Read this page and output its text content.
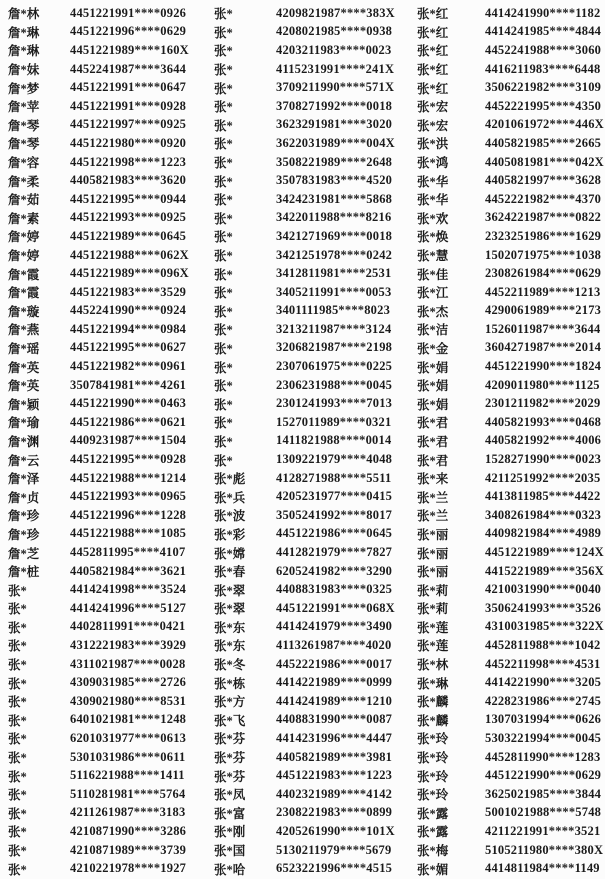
詹*林	4451221991****0926
詹*琳	4451221996****0629
詹*琳	4451221989****160X
詹*妹	4452241987****3644
詹*梦	4451221991****0647
詹*苹	4451221991****0928
詹*琴	4451221997****0925
詹*琴	4451221980****0920
詹*容	4451221998****1223
詹*柔	4405821983****3620
詹*茹	4451221995****0944
詹*素	4451221993****0925
詹*婷	4451221989****0645
詹*婷	4451221988****062X
詹*霞	4451221989****096X
詹*霞	4451221983****3529
詹*璇	4452241990****0924
詹*燕	4451221994****0984
詹*瑶	4451221995****0627
詹*英	4451221982****0961
詹*英	3507841981****4261
詹*颖	4451221990****0463
詹*瑜	4451221986****0621
詹*渊	4409231987****1504
詹*云	4451221995****0928
詹*泽	4451221988****1214
詹*贞	4451221993****0965
詹*珍	4451221996****1228
詹*珍	4451221988****1085
詹*芝	4452811995****4107
詹*桩	4405821984****3621
张*	4414241998****3524
张*	4414241996****5127
张*	4402811991****0421
张*	4312221983****3929
张*	4311021987****0028
张*	4309031985****2726
张*	4309021980****8531
张*	6401021981****1248
张*	6201031977****0613
张*	5301031986****0611
张*	5116221988****1411
张*	5110281981****5764
张*	4211261987****3183
张*	4210871990****3286
张*	4210871989****3739
张*	4210221978****1927
张*	4209821987****383X
张*	4208021985****0938
张*	4203211983****0023
张*	4115231991****241X
张*	3709211990****571X
张*	3708271992****0018
张*	3623291981****3020
张*	3622031989****004X
张*	3508221989****2648
张*	3507831983****4520
张*	3424231981****5868
张*	3422011988****8216
张*	3421271969****0018
张*	3421251978****0242
张*	3412811981****2531
张*	3405211991****0053
张*	3401111985****8023
张*	3213211987****3124
张*	3206821987****2198
张*	2307061975****0225
张*	2306231988****0045
张*	2301241993****7013
张*	1527011989****0321
张*	1411821988****0014
张*	1309221979****4048
张*彪	4128271988****5511
张*兵	4205231977****0415
张*波	3505241992****8017
张*彩	4451221986****0645
张*嫦	4412821979****7827
张*春	6205241982****3290
张*翠	4408831983****0325
张*翠	4451221991****068X
张*东	4414241979****3490
张*东	4113261987****4020
张*冬	4452221986****0017
张*栋	4414221989****0999
张*方	4414241989****1210
张*飞	4408831990****0087
张*芬	4414231996****4447
张*芬	4405821989****3981
张*芬	4451221983****1223
张*凤	4402321989****4142
张*富	2308221983****0899
张*刚	4205261990****101X
张*国	5130211979****5679
张*哈	6523221996****4515
张*红	4414241990****1182
张*红	4414241985****4844
张*红	4452241988****3060
张*红	4416211983****6448
张*红	3506221982****3109
张*宏	4452221995****4350
张*宏	4201061972****446X
张*洪	4405821985****2665
张*鸿	4405081981****042X
张*华	4405821997****3628
张*华	4452221982****4370
张*欢	3624221987****0822
张*焕	2323251986****1629
张*慧	1502071975****1038
张*佳	2308261984****0629
张*江	4452211989****1213
张*杰	4290061989****2173
张*洁	1526011987****3644
张*金	3604271987****2014
张*娟	4451221990****1824
张*娟	4209011980****1125
张*娟	2301211982****2029
张*君	4405821993****0468
张*君	4405821992****4006
张*君	1528271990****0023
张*来	4211251992****2035
张*兰	4413811985****4422
张*兰	3408261984****0323
张*丽	4409821984****4989
张*丽	4451221989****124X
张*丽	4415221989****356X
张*莉	4210031990****0040
张*莉	3506241993****3526
张*莲	4310031985****322X
张*莲	4452811988****1042
张*林	4452211998****4531
张*琳	4414221990****3205
张*麟	4228231986****2745
张*麟	1307031994****0626
张*玲	5303221994****0045
张*玲	4452811990****1283
张*玲	4451221990****0629
张*玲	3625021985****3844
张*露	5001021988****5748
张*露	4211221991****3521
张*梅	5105211980****380X
张*媚	4414811984****1149
